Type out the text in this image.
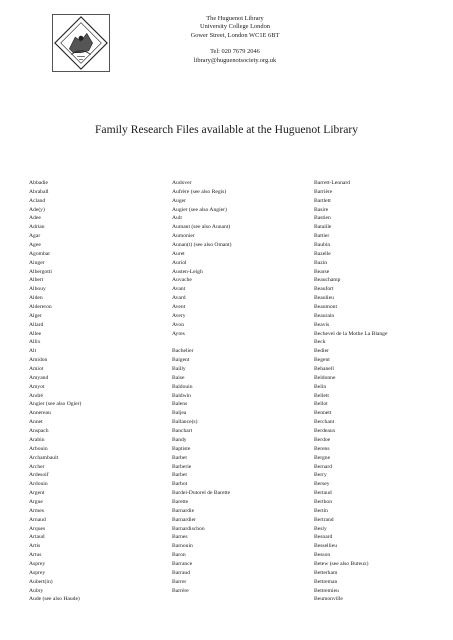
The Huguenot Library
University College London
Gower Street, London WC1E 6BT
Tel: 020 7679 2046
library@huguenotsociety.org.uk
Family Research Files available at the Huguenot Library
Abbadie
Abraball
Acland
Ade(y)
Adee
Adrian
Agar
Agee
Agombar
Ainger
Albergotti
Albert
Albouy
Alden
Aldereron
Alger
Allard
Allee
Allix
Alt
Amidon
Amiot
Amyand
Amyot
André
Angier (see also Ogier)
Annereau
Annet
Anspach
Arabin
Arbouin
Archambault
Archer
Ardesoif
Ardouin
Argent
Argue
Armes
Arnaud
Arques
Artaud
Artis
Artus
Asprey
Asprey
Aubert(in)
Aubry
Aude (see also Haude)
Audover
Aufrère (see also Regis)
Auger
Augier (see also Angier)
Ault
Aumant (see also Aunant)
Aumonier
Aunan(t) (see also Omant)
Auret
Auriol
Austen-Leigh
Auvache
Avant
Avard
Avent
Avery
Avon
Ayres
Bachelier
Baigent
Bailly
Baise
Baldouin
Baldwin
Balens
Baljea
Ballance(s)
Banchart
Bandy
Baptiste
Barbet
Barberie
Barbet
Barbot
Bardel-Dutorel de Barette
Barette
Barnardie
Barnardier
Barnardischon
Barnes
Barnouin
Baron
Barrance
Barraud
Barrer
Barrère
Barrett-Lennard
Barrière
Bartlett
Basire
Bastien
Bataille
Battier
Baubin
Bazelle
Bazin
Bearse
Beauchamp
Beaufort
Beaulieu
Beaumont
Beaurain
Beavis
Bechevel de la Mothe La Blange
Beck
Bedier
Begent
Behanell
Beldonne
Belin
Bellett
Bellot
Bennett
Berchant
Berdeaux
Berdoe
Berens
Bergne
Bernard
Berry
Bersey
Bertaud
Berthon
Bertin
Bertrand
Besly
Besnard
Bessellieu
Besson
Betew (see also Buteux)
Betterham
Bettreman
Bettremieu
Beumonville
